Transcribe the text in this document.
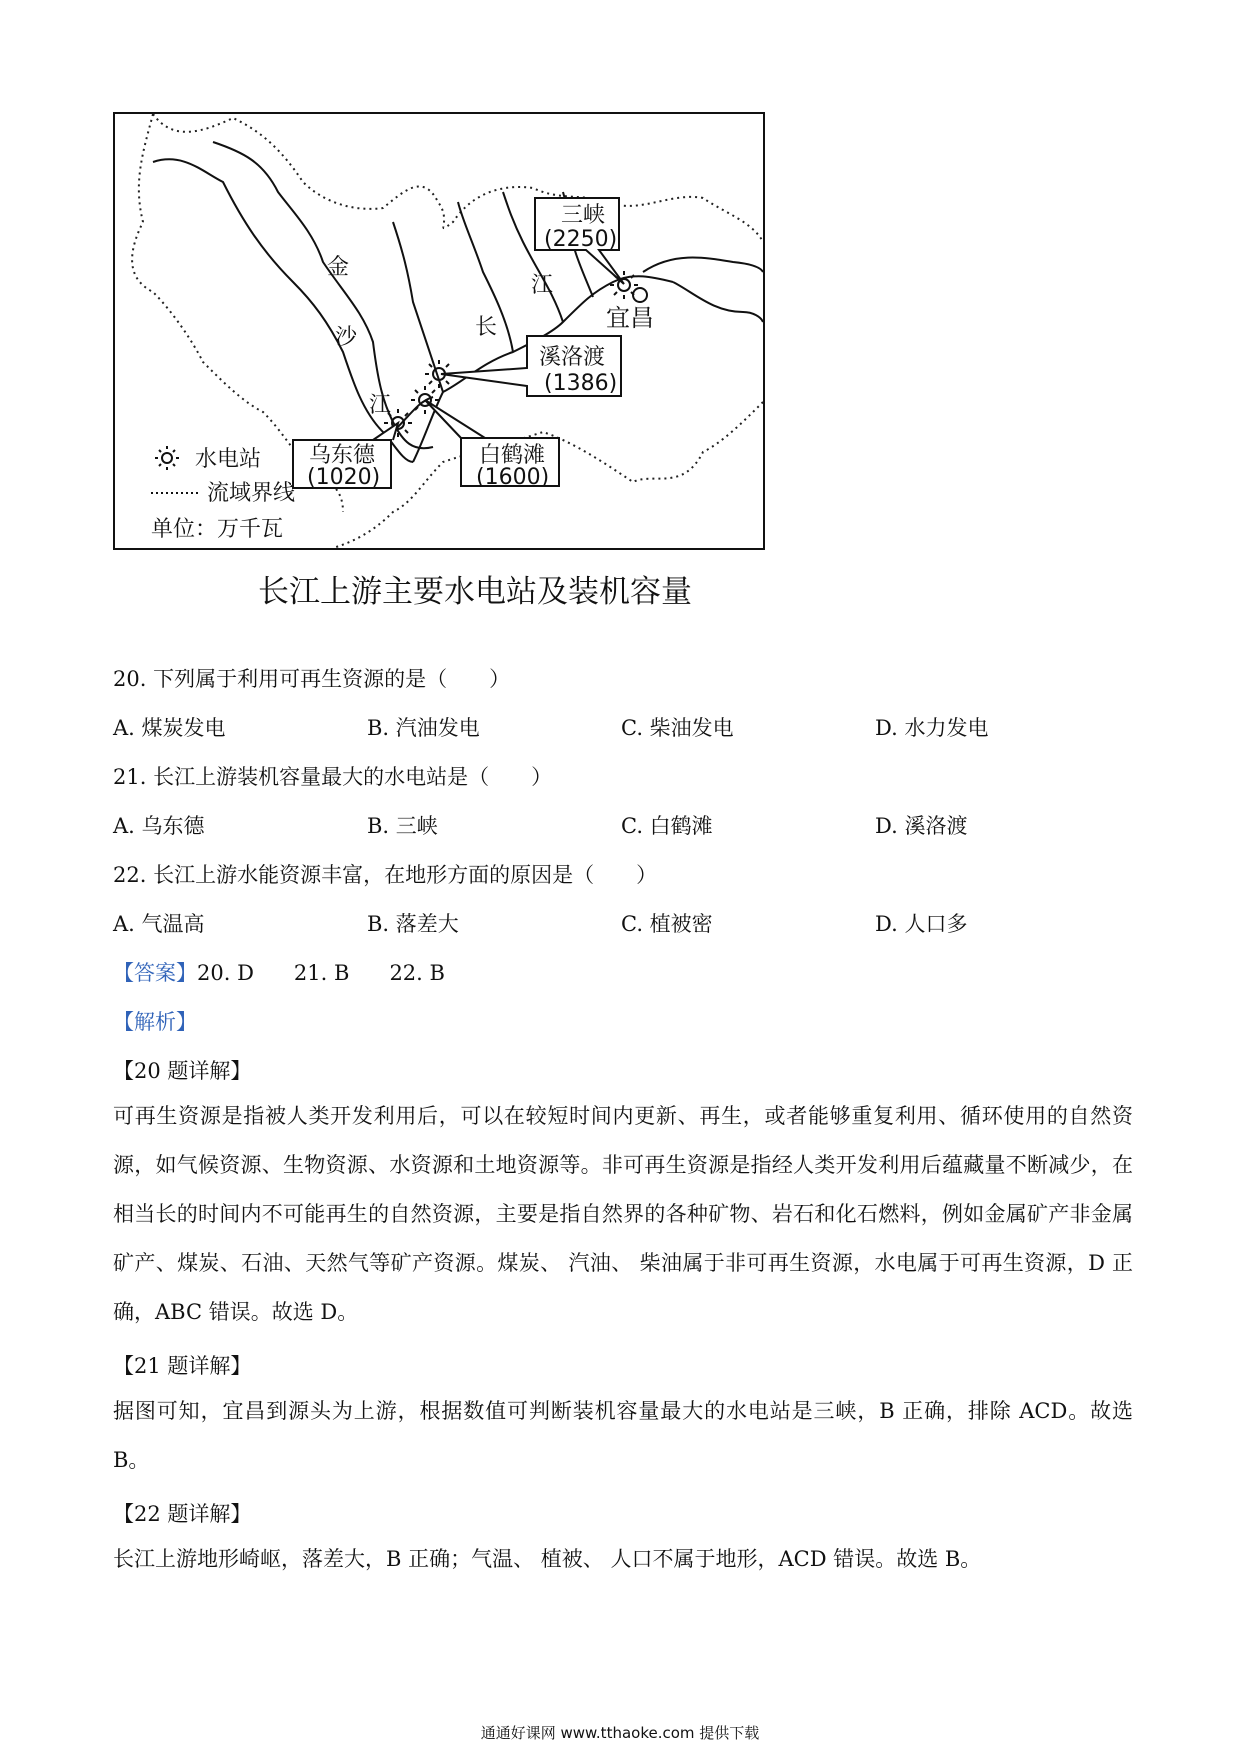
金
沙
江
长
江
宜昌
三峡
(2250)
溪洛渡
(1386)
白鹤滩
(1600)
乌东德
(1020)
水电站
流域界线
单位：万千瓦
长江上游主要水电站及装机容量
20. 下列属于利用可再生资源的是（　　）
A. 煤炭发电	B. 汽油发电	C. 柴油发电	D. 水力发电
21. 长江上游装机容量最大的水电站是（　　）
A. 乌东德	B. 三峡	C. 白鹤滩	D. 溪洛渡
22. 长江上游水能资源丰富，在地形方面的原因是（　　）
A. 气温高	B. 落差大	C. 植被密	D. 人口多
【答案】20. D 21. B 22. B
【解析】
【20 题详解】
可再生资源是指被人类开发利用后，可以在较短时间内更新、再生，或者能够重复利用、循环使用的自然资源，如气候资源、生物资源、水资源和土地资源等。非可再生资源是指经人类开发利用后蕴藏量不断减少，在相当长的时间内不可能再生的自然资源，主要是指自然界的各种矿物、岩石和化石燃料，例如金属矿产非金属矿产、煤炭、石油、天然气等矿产资源。煤炭、 汽油、 柴油属于非可再生资源，水电属于可再生资源，D 正确，ABC 错误。故选 D。
【21 题详解】
据图可知，宜昌到源头为上游，根据数值可判断装机容量最大的水电站是三峡，B 正确，排除 ACD。故选 B。
【22 题详解】
长江上游地形崎岖，落差大，B 正确；气温、 植被、 人口不属于地形，ACD 错误。故选 B。
通通好课网 www.tthaoke.com 提供下载
